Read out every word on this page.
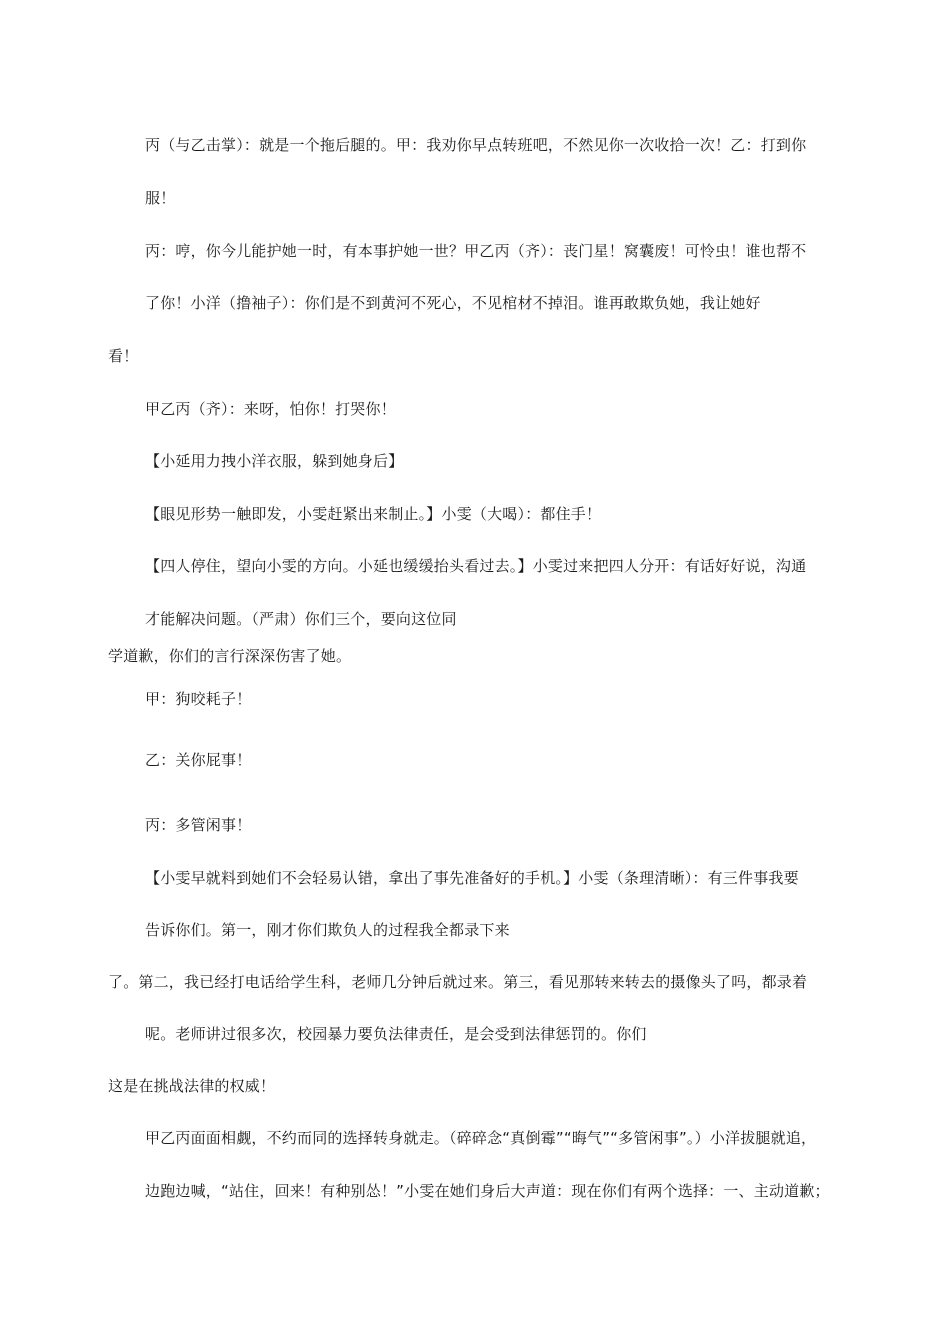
丙（与乙击掌）：就是一个拖后腿的。甲：我劝你早点转班吧，不然见你一次收拾一次！乙：打到你
服！
丙：哼，你今儿能护她一时，有本事护她一世？甲乙丙（齐）：丧门星！窝囊废！可怜虫！谁也帮不
了你！小洋（撸袖子）：你们是不到黄河不死心，不见棺材不掉泪。谁再敢欺负她，我让她好
看！
甲乙丙（齐）：来呀，怕你！打哭你！
【小延用力拽小洋衣服，躲到她身后】
【眼见形势一触即发，小雯赶紧出来制止。】小雯（大喝）：都住手！
【四人停住，望向小雯的方向。小延也缓缓抬头看过去。】小雯过来把四人分开：有话好好说，沟通
才能解决问题。（严肃）你们三个，要向这位同
学道歉，你们的言行深深伤害了她。
甲：狗咬耗子！
乙：关你屁事！
丙：多管闲事！
【小雯早就料到她们不会轻易认错，拿出了事先准备好的手机。】小雯（条理清晰）：有三件事我要
告诉你们。第一，刚才你们欺负人的过程我全都录下来
了。第二，我已经打电话给学生科，老师几分钟后就过来。第三，看见那转来转去的摄像头了吗，都录着
呢。老师讲过很多次，校园暴力要负法律责任，是会受到法律惩罚的。你们
这是在挑战法律的权威！
甲乙丙面面相觑，不约而同的选择转身就走。（碎碎念“真倒霉”“晦气”“多管闲事”。）小洋拔腿就追，
边跑边喊，“站住，回来！有种别怂！”小雯在她们身后大声道：现在你们有两个选择：一、主动道歉；
